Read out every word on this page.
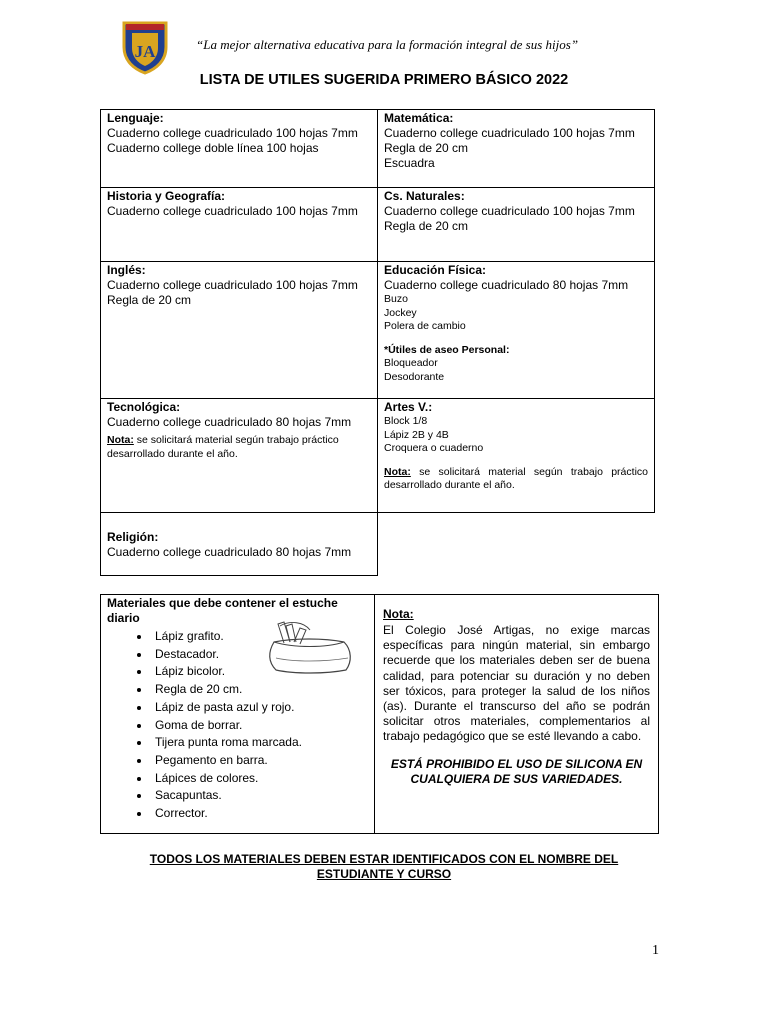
JA	“La mejor alternativa educativa para la formación integral de sus hijos”
LISTA DE UTILES SUGERIDA PRIMERO BÁSICO 2022
Lenguaje:
Cuaderno college cuadriculado 100 hojas 7mm
Cuaderno college doble línea 100 hojas
Matemática:
Cuaderno college cuadriculado 100 hojas 7mm
Regla de 20 cm
Escuadra
Historia y Geografía:
Cuaderno college cuadriculado 100 hojas 7mm
Cs. Naturales:
Cuaderno college cuadriculado 100 hojas 7mm
Regla de 20 cm
Inglés:
Cuaderno college cuadriculado 100 hojas 7mm
Regla de 20 cm
Educación Física:
Cuaderno college cuadriculado 80 hojas 7mm
Buzo
Jockey
Polera de cambio
*Útiles de aseo Personal:
Bloqueador
Desodorante
Tecnológica:
Cuaderno college cuadriculado 80 hojas 7mm
Nota: se solicitará material según trabajo práctico desarrollado durante el año.
Artes V.:
Block 1/8
Lápiz 2B y 4B
Croquera o cuaderno
Nota: se solicitará material según trabajo práctico desarrollado durante el año.
Religión:
Cuaderno college cuadriculado 80 hojas 7mm
Materiales que debe contener el estuche diario
• Lápiz grafito.
• Destacador.
• Lápiz bicolor.
• Regla de 20 cm.
• Lápiz de pasta azul y rojo.
• Goma de borrar.
• Tijera punta roma marcada.
• Pegamento en barra.
• Lápices de colores.
• Sacapuntas.
• Corrector.
Nota:
El Colegio José Artigas, no exige marcas específicas para ningún material, sin embargo recuerde que los materiales deben ser de buena calidad, para potenciar su duración y no deben ser tóxicos, para proteger la salud de los niños (as). Durante el transcurso del año se podrán solicitar otros materiales, complementarios al trabajo pedagógico que se esté llevando a cabo.
ESTÁ PROHIBIDO EL USO DE SILICONA EN CUALQUIERA DE SUS VARIEDADES.
TODOS LOS MATERIALES DEBEN ESTAR IDENTIFICADOS CON EL NOMBRE DEL
ESTUDIANTE Y CURSO
1
